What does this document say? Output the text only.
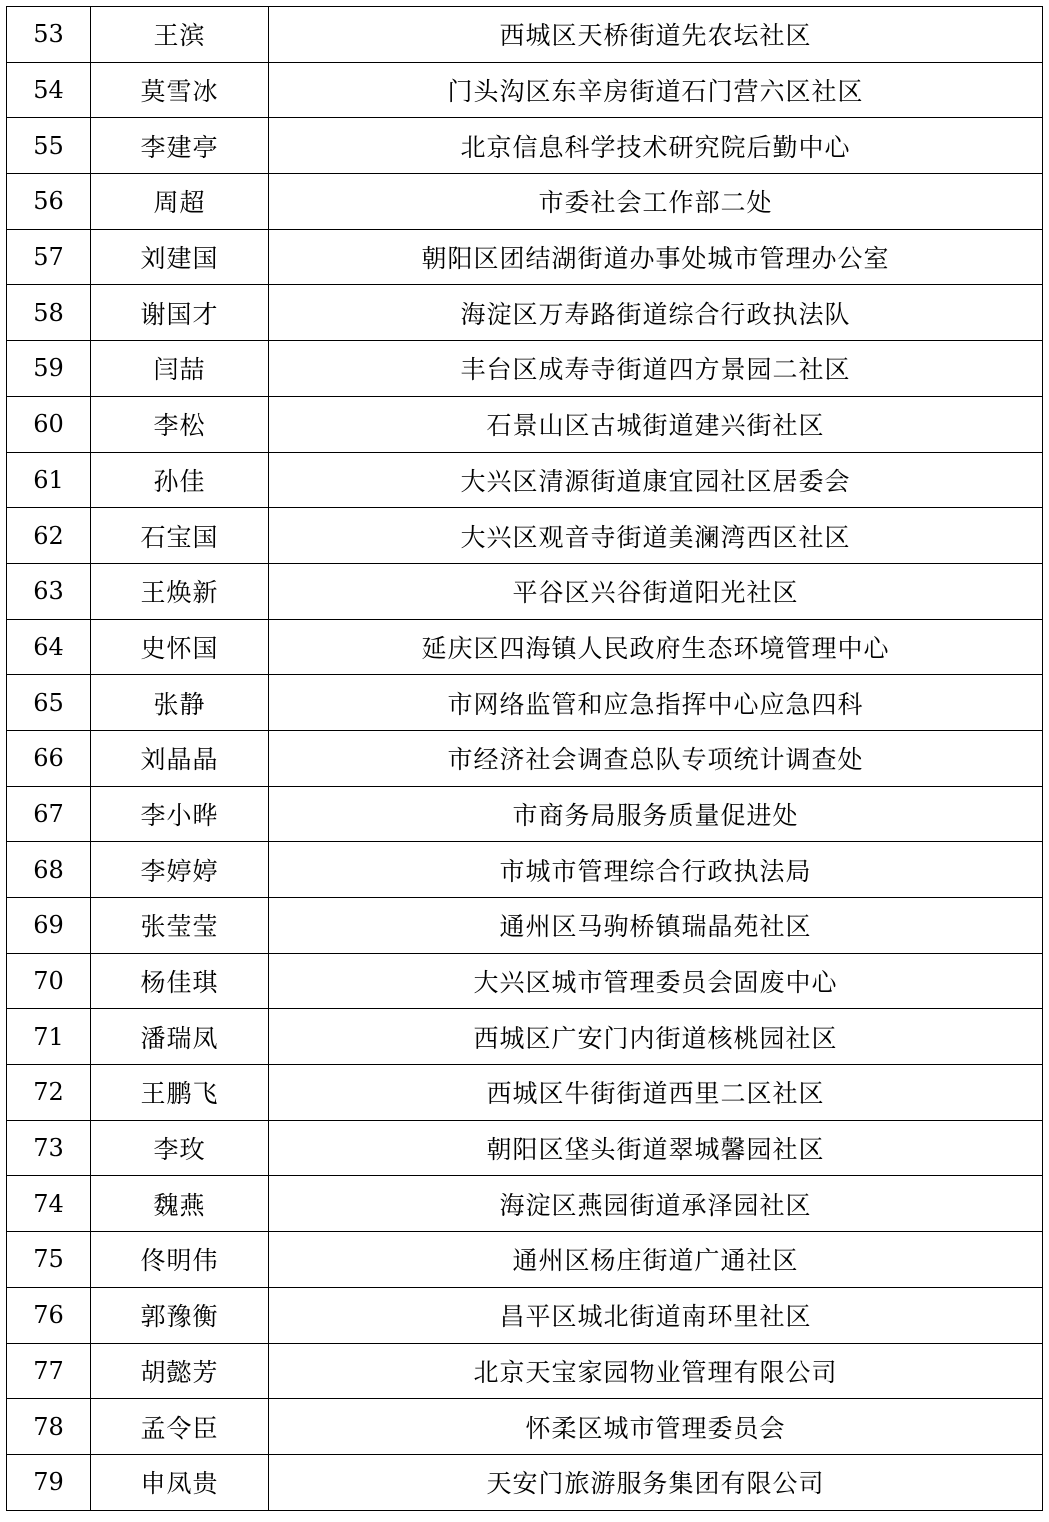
53	王滨	西城区天桥街道先农坛社区
54	莫雪冰	门头沟区东辛房街道石门营六区社区
55	李建亭	北京信息科学技术研究院后勤中心
56	周超	市委社会工作部二处
57	刘建国	朝阳区团结湖街道办事处城市管理办公室
58	谢国才	海淀区万寿路街道综合行政执法队
59	闫喆	丰台区成寿寺街道四方景园二社区
60	李松	石景山区古城街道建兴街社区
61	孙佳	大兴区清源街道康宜园社区居委会
62	石宝国	大兴区观音寺街道美澜湾西区社区
63	王焕新	平谷区兴谷街道阳光社区
64	史怀国	延庆区四海镇人民政府生态环境管理中心
65	张静	市网络监管和应急指挥中心应急四科
66	刘晶晶	市经济社会调查总队专项统计调查处
67	李小晔	市商务局服务质量促进处
68	李婷婷	市城市管理综合行政执法局
69	张莹莹	通州区马驹桥镇瑞晶苑社区
70	杨佳琪	大兴区城市管理委员会固废中心
71	潘瑞凤	西城区广安门内街道核桃园社区
72	王鹏飞	西城区牛街街道西里二区社区
73	李玫	朝阳区垡头街道翠城馨园社区
74	魏燕	海淀区燕园街道承泽园社区
75	佟明伟	通州区杨庄街道广通社区
76	郭豫衡	昌平区城北街道南环里社区
77	胡懿芳	北京天宝家园物业管理有限公司
78	孟令臣	怀柔区城市管理委员会
79	申凤贵	天安门旅游服务集团有限公司
